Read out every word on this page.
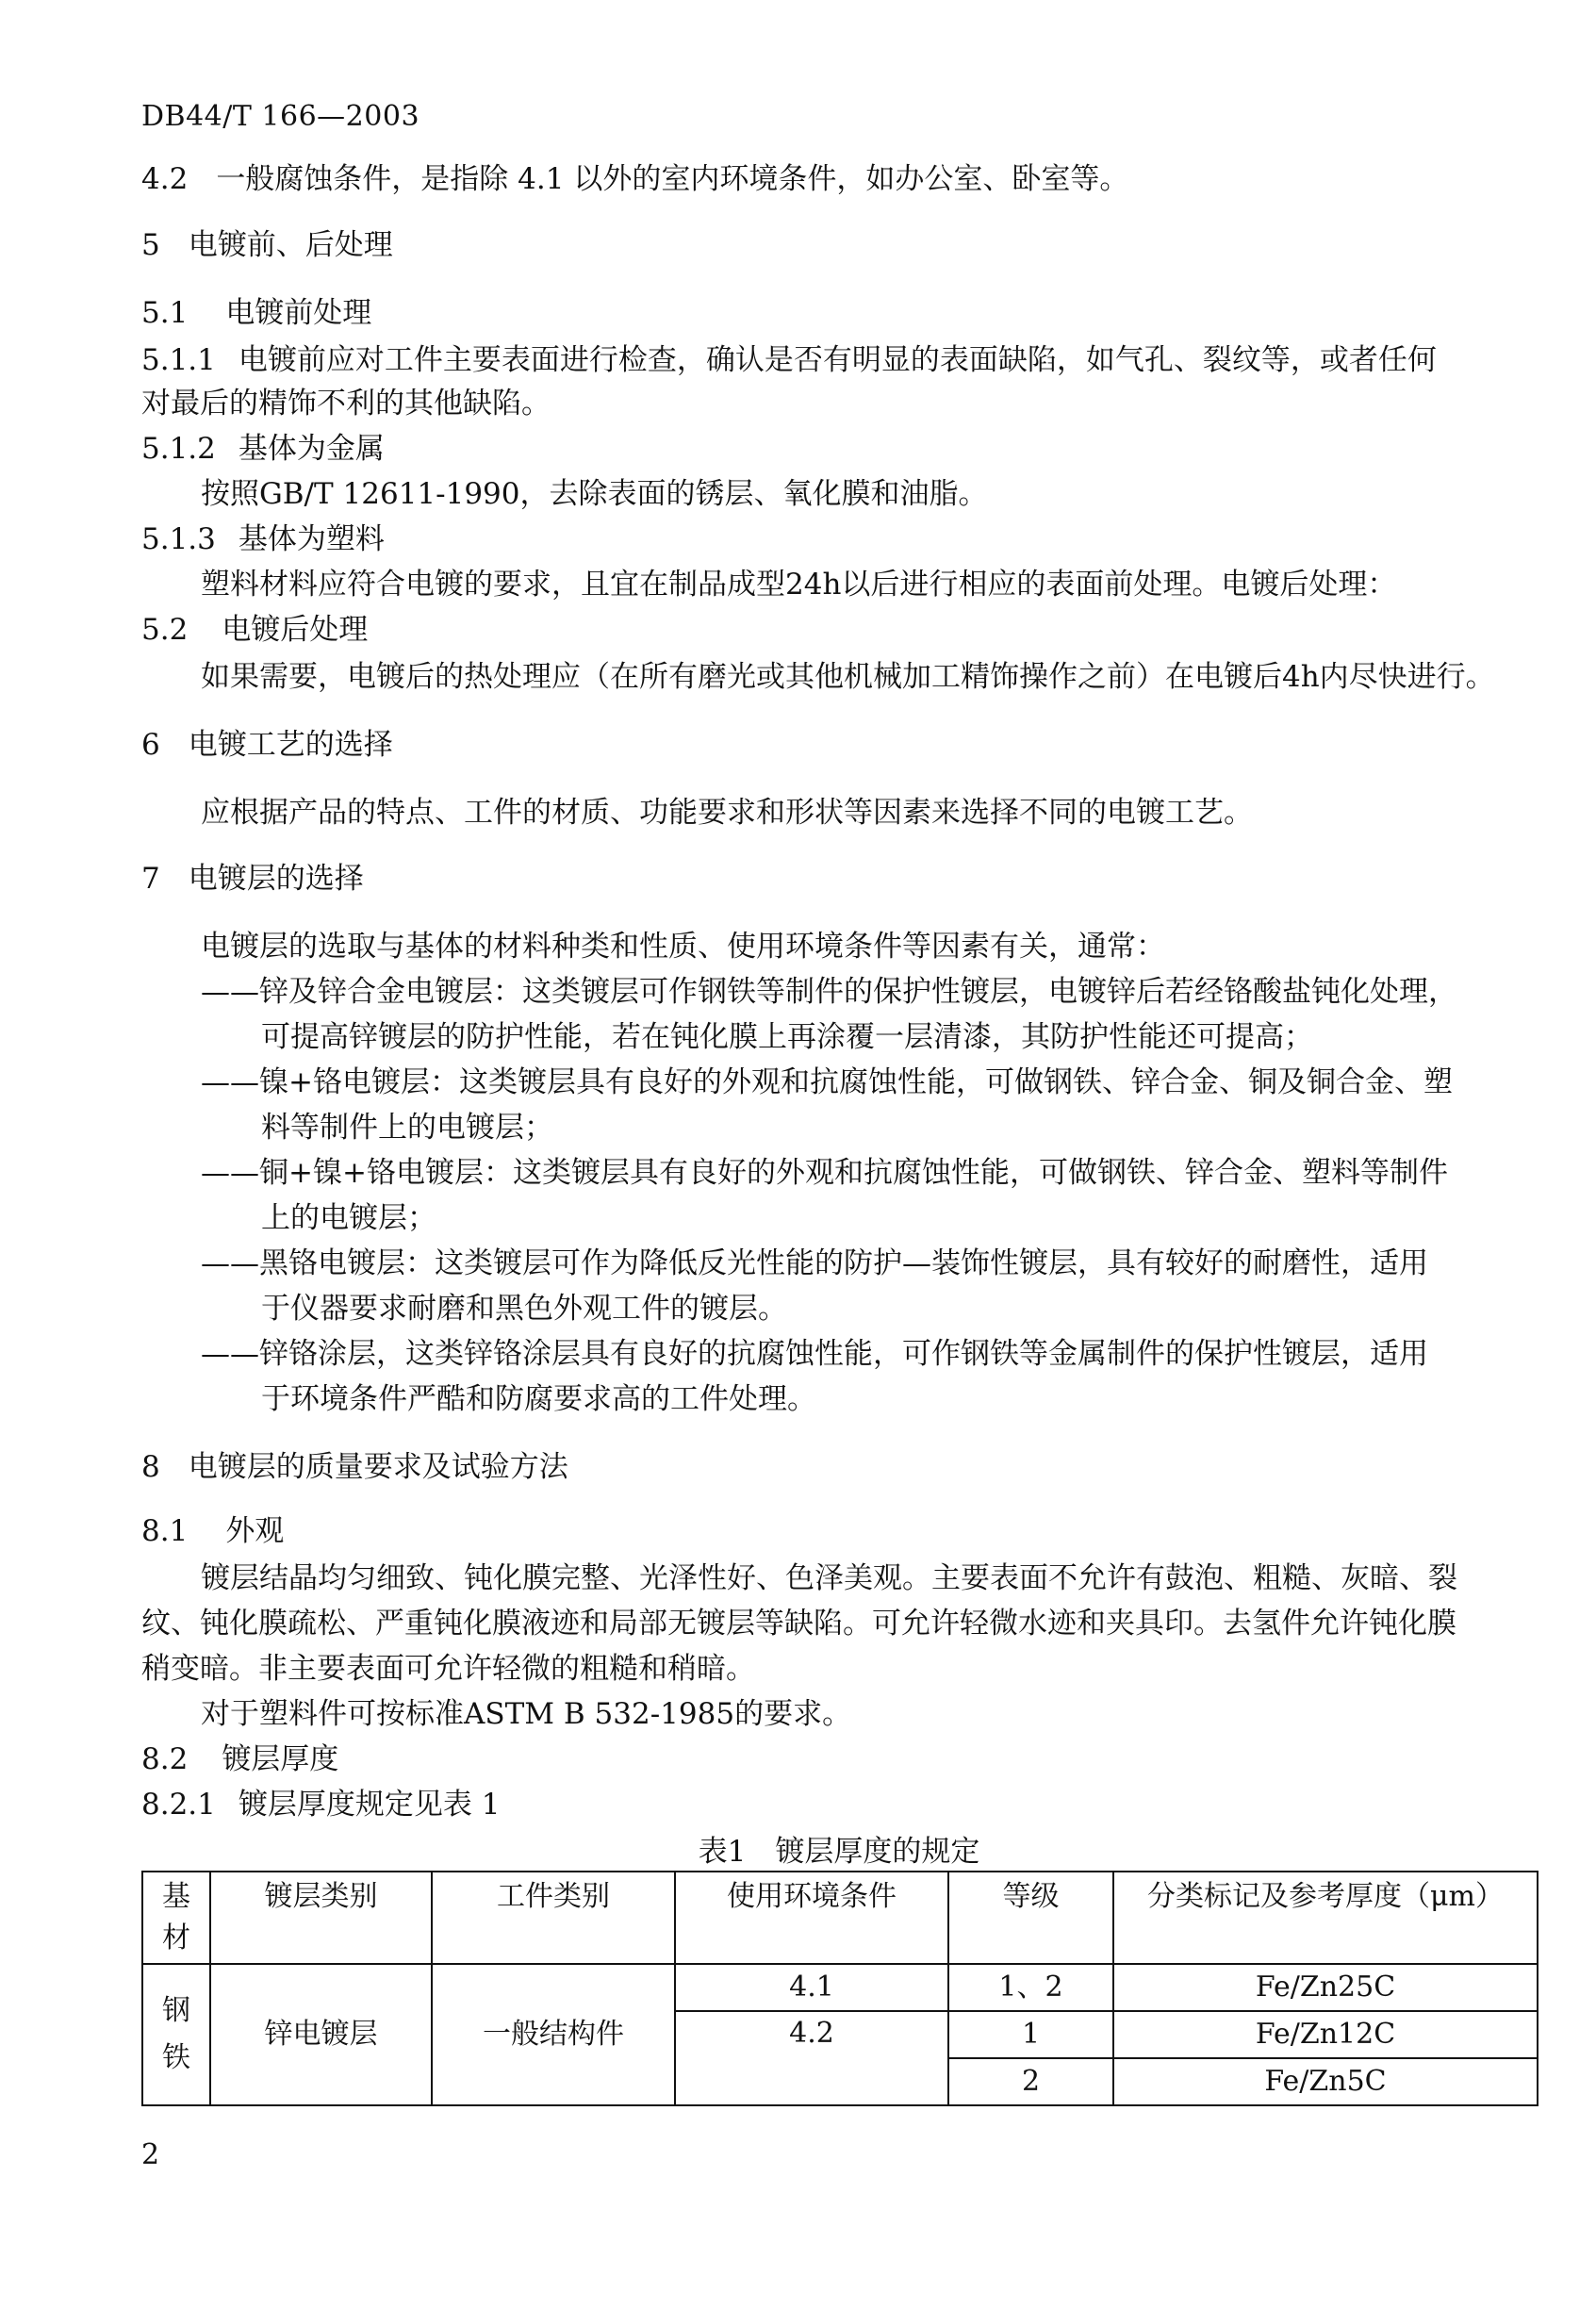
DB44/T 166—2003
4.2 一般腐蚀条件，是指除 4.1 以外的室内环境条件，如办公室、卧室等。
5 电镀前、后处理
5.1 电镀前处理
5.1.1 电镀前应对工件主要表面进行检查，确认是否有明显的表面缺陷，如气孔、裂纹等，或者任何
对最后的精饰不利的其他缺陷。
5.1.2 基体为金属
按照GB/T 12611-1990，去除表面的锈层、氧化膜和油脂。
5.1.3 基体为塑料
塑料材料应符合电镀的要求，且宜在制品成型24h以后进行相应的表面前处理。电镀后处理：
5.2 电镀后处理
如果需要，电镀后的热处理应（在所有磨光或其他机械加工精饰操作之前）在电镀后4h内尽快进行。
6 电镀工艺的选择
应根据产品的特点、工件的材质、功能要求和形状等因素来选择不同的电镀工艺。
7 电镀层的选择
电镀层的选取与基体的材料种类和性质、使用环境条件等因素有关，通常：
——锌及锌合金电镀层：这类镀层可作钢铁等制件的保护性镀层，电镀锌后若经铬酸盐钝化处理，
可提高锌镀层的防护性能，若在钝化膜上再涂覆一层清漆，其防护性能还可提高；
——镍+铬电镀层：这类镀层具有良好的外观和抗腐蚀性能，可做钢铁、锌合金、铜及铜合金、塑
料等制件上的电镀层；
——铜+镍+铬电镀层：这类镀层具有良好的外观和抗腐蚀性能，可做钢铁、锌合金、塑料等制件
上的电镀层；
——黑铬电镀层：这类镀层可作为降低反光性能的防护—装饰性镀层，具有较好的耐磨性，适用
于仪器要求耐磨和黑色外观工件的镀层。
——锌铬涂层，这类锌铬涂层具有良好的抗腐蚀性能，可作钢铁等金属制件的保护性镀层，适用
于环境条件严酷和防腐要求高的工件处理。
8 电镀层的质量要求及试验方法
8.1 外观
镀层结晶均匀细致、钝化膜完整、光泽性好、色泽美观。主要表面不允许有鼓泡、粗糙、灰暗、裂
纹、钝化膜疏松、严重钝化膜液迹和局部无镀层等缺陷。可允许轻微水迹和夹具印。去氢件允许钝化膜
稍变暗。非主要表面可允许轻微的粗糙和稍暗。
对于塑料件可按标准ASTM B 532-1985的要求。
8.2 镀层厚度
8.2.1 镀层厚度规定见表 1
表1　镀层厚度的规定
基材	镀层类别	工件类别	使用环境条件	等级	分类标记及参考厚度（μm）
钢铁	锌电镀层	一般结构件	4.1	1、2	Fe/Zn25C
			4.2	1	Fe/Zn12C
				2	Fe/Zn5C
2
